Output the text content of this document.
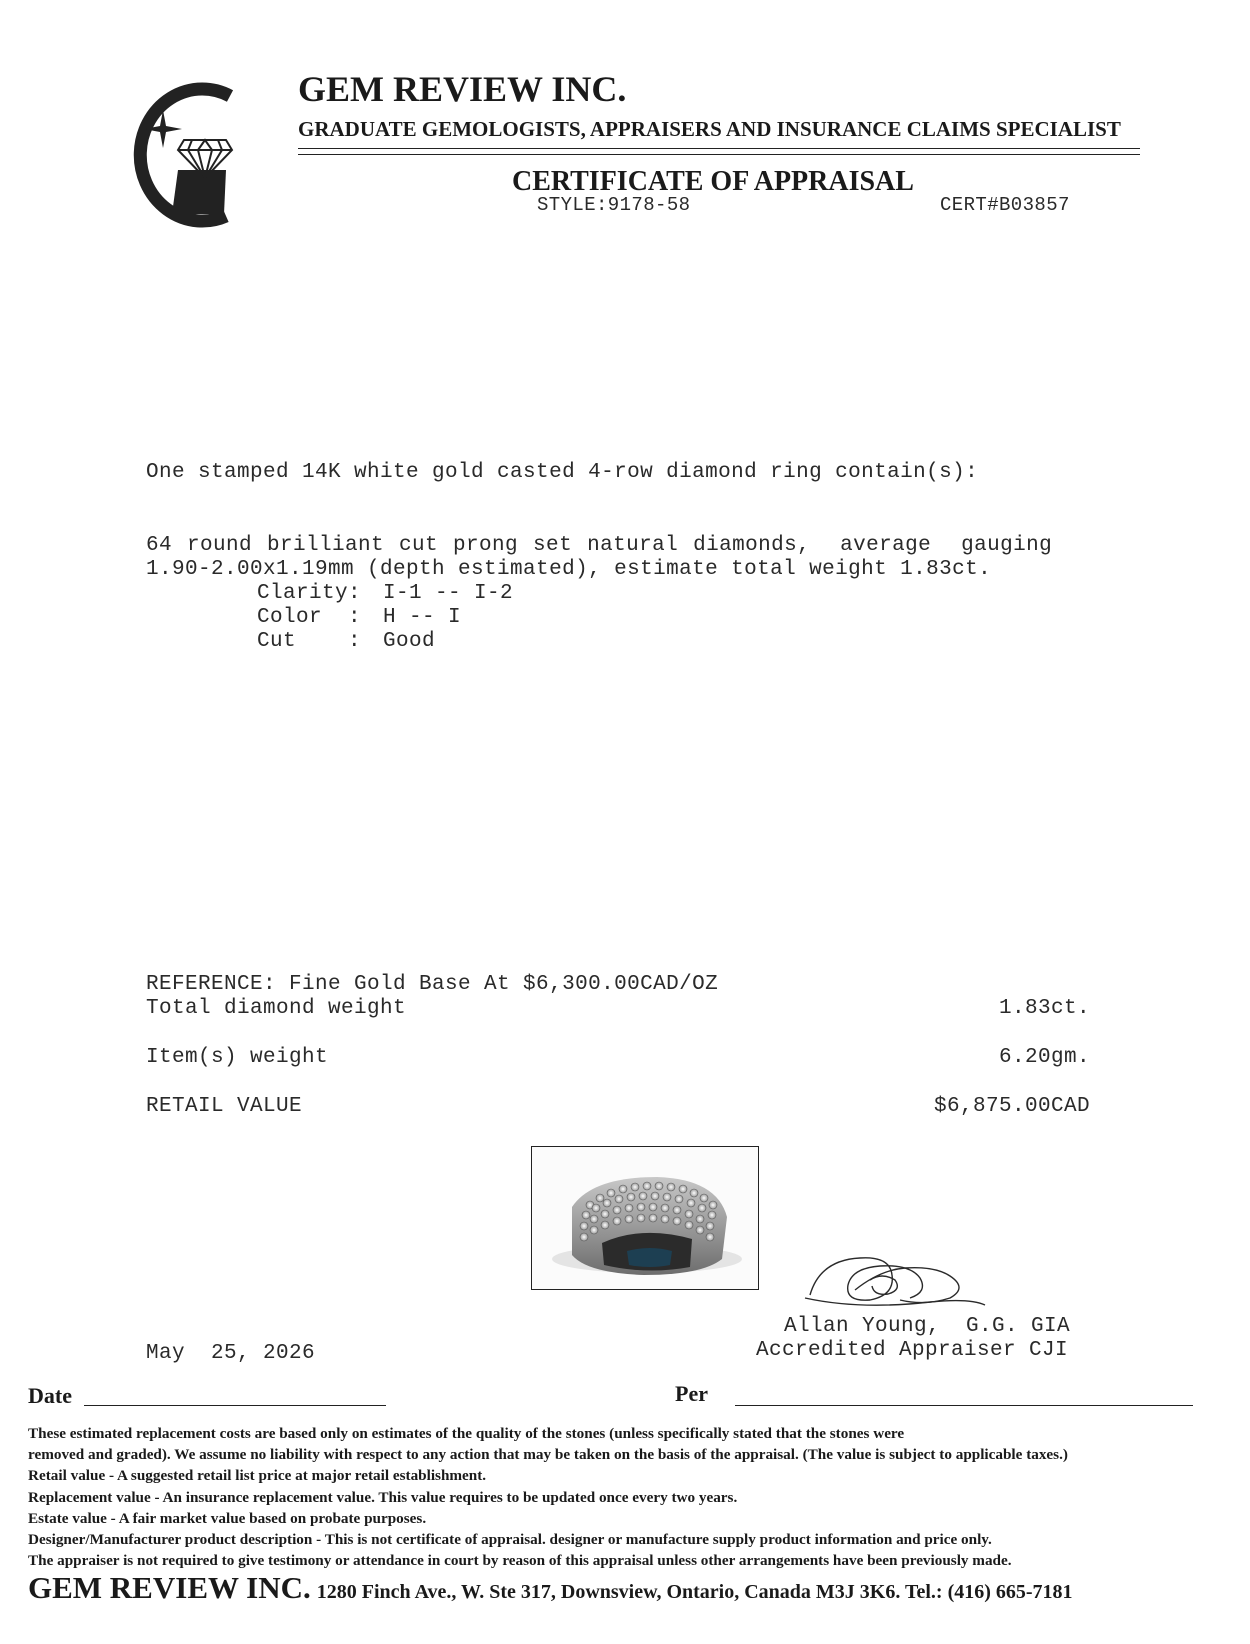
GEM REVIEW INC.
GRADUATE GEMOLOGISTS, APPRAISERS AND INSURANCE CLAIMS SPECIALIST
CERTIFICATE OF APPRAISAL
STYLE:9178-58	CERT#B03857
One stamped 14K white gold casted 4-row diamond ring contain(s):
64 round brilliant cut prong set natural diamonds,  average  gauging
1.90-2.00x1.19mm (depth estimated), estimate total weight 1.83ct.
Clarity: I-1 -- I-2
Color  : H -- I
Cut    : Good
REFERENCE: Fine Gold Base At $6,300.00CAD/OZ
Total diamond weight	1.83ct.
Item(s) weight	6.20gm.
RETAIL VALUE	$6,875.00CAD
Allan Young,  G.G. GIA
Accredited Appraiser CJI
May  25, 2026
Date	Per
These estimated replacement costs are based only on estimates of the quality of the stones (unless specifically stated that the stones were
removed and graded). We assume no liability with respect to any action that may be taken on the basis of the appraisal. (The value is subject to applicable taxes.)
Retail value - A suggested retail list price at major retail establishment.
Replacement value - An insurance replacement value. This value requires to be updated once every two years.
Estate value - A fair market value based on probate purposes.
Designer/Manufacturer product description - This is not certificate of appraisal. designer or manufacture supply product information and price only.
The appraiser is not required to give testimony or attendance in court by reason of this appraisal unless other arrangements have been previously made.
GEM REVIEW INC. 1280 Finch Ave., W. Ste 317, Downsview, Ontario, Canada M3J 3K6. Tel.: (416) 665-7181
